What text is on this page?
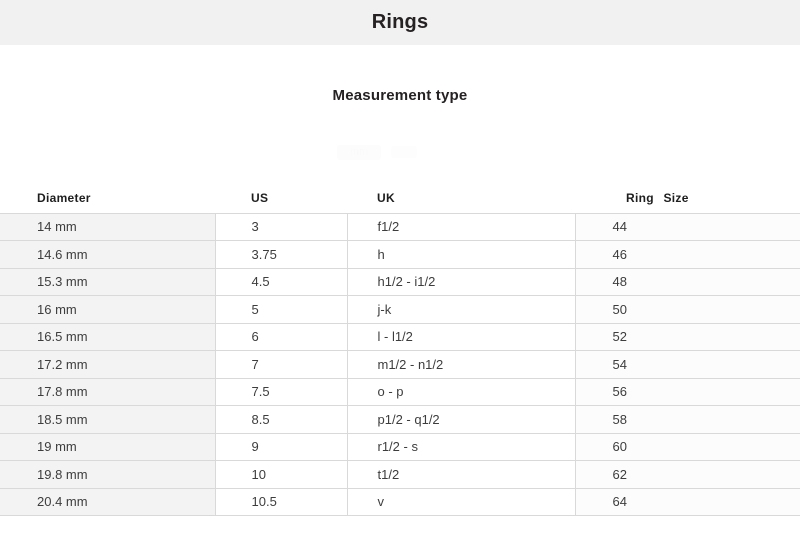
Rings
Measurement type
mm
Diameter	US	UK	Ring Size
14 mm	3	f1/2	44
14.6 mm	3.75	h	46
15.3 mm	4.5	h1/2 - i1/2	48
16 mm	5	j-k	50
16.5 mm	6	l - l1/2	52
17.2 mm	7	m1/2 - n1/2	54
17.8 mm	7.5	o - p	56
18.5 mm	8.5	p1/2 - q1/2	58
19 mm	9	r1/2 - s	60
19.8 mm	10	t1/2	62
20.4 mm	10.5	v	64
